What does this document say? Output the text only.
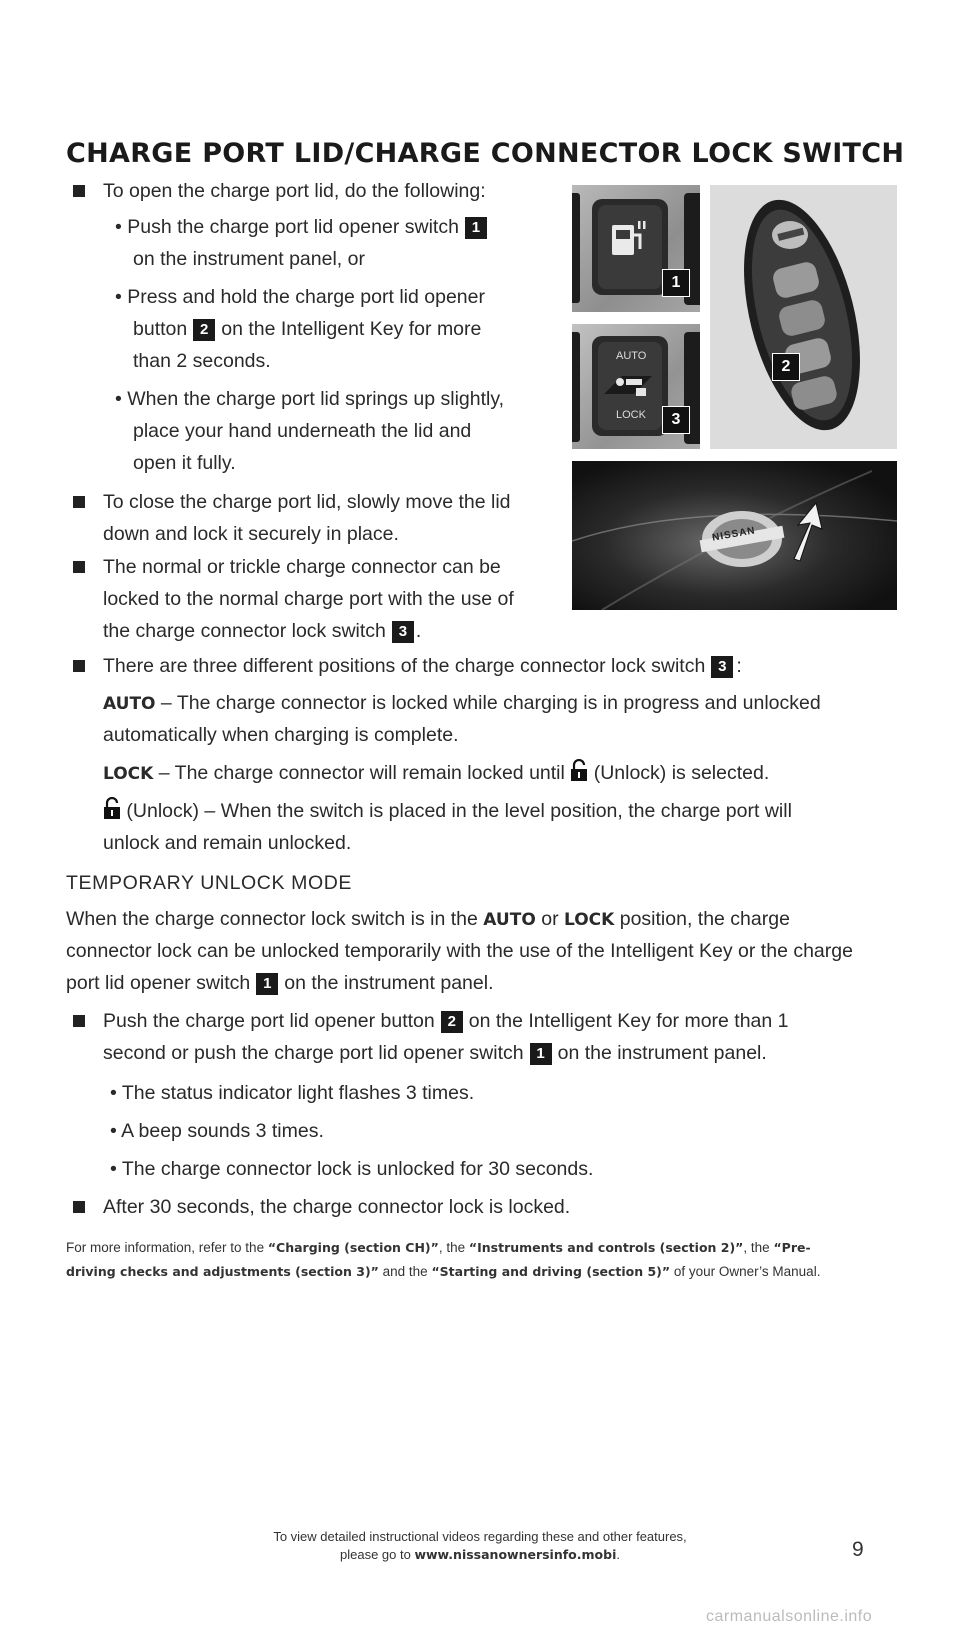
CHARGE PORT LID/CHARGE CONNECTOR LOCK SWITCH
To open the charge port lid, do the following:
• Push the charge port lid opener switch 1
on the instrument panel, or
• Press and hold the charge port lid opener
button 2 on the Intelligent Key for more
than 2 seconds.
• When the charge port lid springs up slightly,
place your hand underneath the lid and
open it fully.
To close the charge port lid, slowly move the lid
down and lock it securely in place.
The normal or trickle charge connector can be
locked to the normal charge port with the use of
the charge connector lock switch 3 .
There are three different positions of the charge connector lock switch 3 :
AUTO – The charge connector is locked while charging is in progress and unlocked
automatically when charging is complete.
LOCK – The charge connector will remain locked until (Unlock) is selected.
(Unlock) – When the switch is placed in the level position, the charge port will
unlock and remain unlocked.
TEMPORARY UNLOCK MODE
When the charge connector lock switch is in the AUTO or LOCK position, the charge
connector lock can be unlocked temporarily with the use of the Intelligent Key or the charge
port lid opener switch 1 on the instrument panel.
Push the charge port lid opener button 2 on the Intelligent Key for more than 1
second or push the charge port lid opener switch 1 on the instrument panel.
• The status indicator light flashes 3 times.
• A beep sounds 3 times.
• The charge connector lock is unlocked for 30 seconds.
After 30 seconds, the charge connector lock is locked.
For more information, refer to the “Charging (section CH)”, the “Instruments and controls (section 2)”, the “Pre-
driving checks and adjustments (section 3)” and the “Starting and driving (section 5)” of your Owner’s Manual.
1
2
AUTO
LOCK	3
NISSAN
To view detailed instructional videos regarding these and other features,
please go to www.nissanownersinfo.mobi.	9
carmanualsonline.info
